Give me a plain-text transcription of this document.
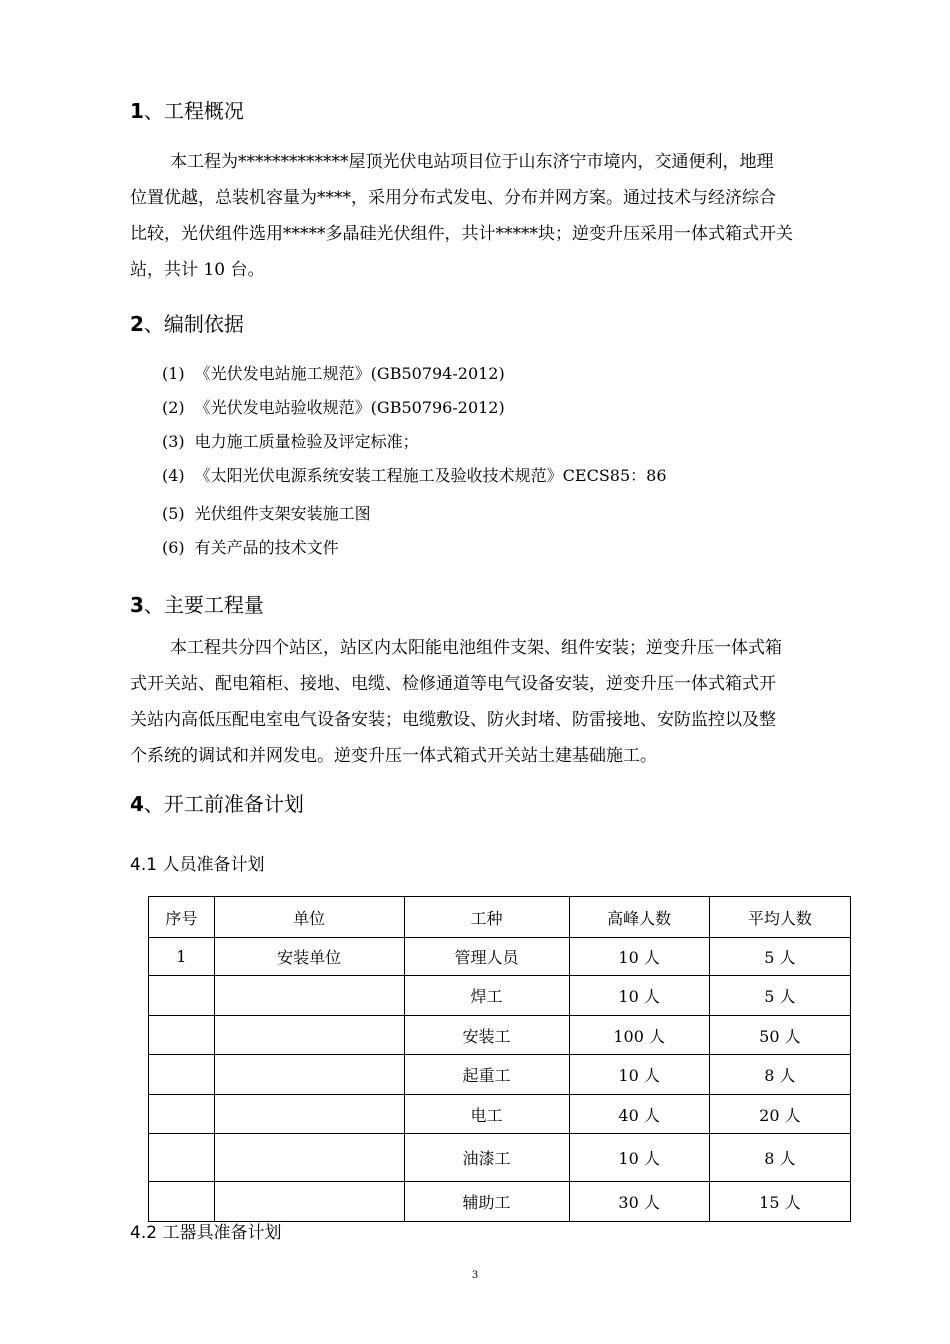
1、工程概况
本工程为*************屋顶光伏电站项目位于山东济宁市境内，交通便利，地理
位置优越，总装机容量为****，采用分布式发电、分布并网方案。通过技术与经济综合
比较，光伏组件选用*****多晶硅光伏组件，共计*****块；逆变升压采用一体式箱式开关
站，共计 10 台。
2、编制依据
(1) 《光伏发电站施工规范》(GB50794-2012)
(2) 《光伏发电站验收规范》(GB50796-2012)
(3) 电力施工质量检验及评定标准；
(4) 《太阳光伏电源系统安装工程施工及验收技术规范》CECS85：86
(5) 光伏组件支架安装施工图
(6) 有关产品的技术文件
3、主要工程量
本工程共分四个站区，站区内太阳能电池组件支架、组件安装；逆变升压一体式箱
式开关站、配电箱柜、接地、电缆、检修通道等电气设备安装，逆变升压一体式箱式开
关站内高低压配电室电气设备安装；电缆敷设、防火封堵、防雷接地、安防监控以及整
个系统的调试和并网发电。逆变升压一体式箱式开关站土建基础施工。
4、开工前准备计划
4.1 人员准备计划
序号	单位	工种	高峰人数	平均人数
1	安装单位	管理人员	10 人	5 人
		焊工	10 人	5 人
		安装工	100 人	50 人
		起重工	10 人	8 人
		电工	40 人	20 人
		油漆工	10 人	8 人
		辅助工	30 人	15 人
4.2 工器具准备计划
3
